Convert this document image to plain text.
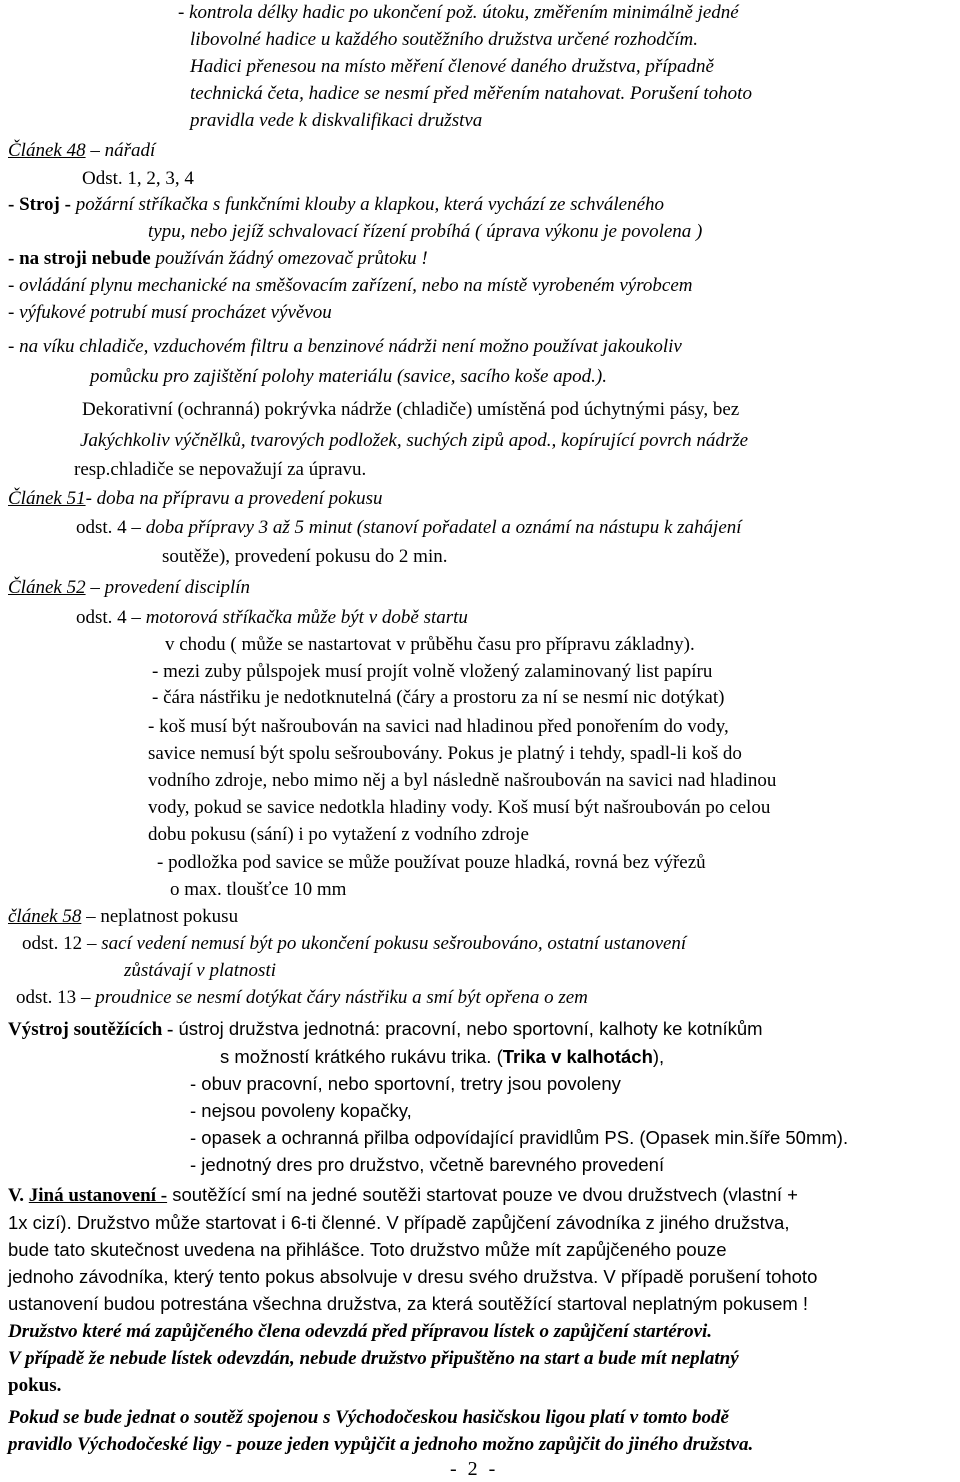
- kontrola délky hadic po ukončení pož. útoku, změřením minimálně jedné
libovolné hadice u každého soutěžního družstva určené rozhodčím.
Hadici přenesou na místo měření členové daného družstva, případně
technická četa, hadice se nesmí před měřením natahovat. Porušení tohoto
pravidla vede k diskvalifikaci družstva
Článek 48 – nářadí
Odst. 1, 2, 3, 4
- Stroj - požární stříkačka s funkčními klouby a klapkou, která vychází ze schváleného
typu, nebo jejíž schvalovací řízení probíhá ( úprava výkonu je povolena )
- na stroji nebude používán žádný omezovač průtoku !
- ovládání plynu mechanické na směšovacím zařízení, nebo na místě vyrobeném výrobcem
- výfukové potrubí musí procházet vývěvou
- na víku chladiče, vzduchovém filtru a benzinové nádrži není možno používat jakoukoliv
pomůcku pro zajištění polohy materiálu (savice, sacího koše apod.).
Dekorativní (ochranná) pokrývka nádrže (chladiče) umístěná pod úchytnými pásy, bez
Jakýchkoliv výčnělků, tvarových podložek, suchých zipů apod., kopírující povrch nádrže
resp.chladiče se nepovažují za úpravu.
Článek 51- doba na přípravu a provedení pokusu
odst. 4 – doba přípravy 3 až 5 minut (stanoví pořadatel a oznámí na nástupu k zahájení
soutěže), provedení pokusu do 2 min.
Článek 52 – provedení disciplín
odst. 4 – motorová stříkačka může být v době startu
v chodu ( může se nastartovat v průběhu času pro přípravu základny).
- mezi zuby půlspojek musí projít volně vložený zalaminovaný list papíru
- čára nástřiku je nedotknutelná (čáry a prostoru za ní se nesmí nic dotýkat)
- koš musí být našroubován na savici nad hladinou před ponořením do vody,
savice nemusí být spolu sešroubovány. Pokus je platný i tehdy, spadl-li koš do
vodního zdroje, nebo mimo něj a byl následně našroubován na savici nad hladinou
vody, pokud se savice nedotkla hladiny vody. Koš musí být našroubován po celou
dobu pokusu (sání) i po vytažení z vodního zdroje
- podložka pod savice se může používat pouze hladká, rovná bez výřezů
o max. tloušťce 10 mm
článek 58 – neplatnost pokusu
odst. 12 – sací vedení nemusí být po ukončení pokusu sešroubováno, ostatní ustanovení
zůstávají v platnosti
odst. 13 – proudnice se nesmí dotýkat čáry nástřiku a smí být opřena o zem
Výstroj soutěžících - ústroj družstva jednotná: pracovní, nebo sportovní, kalhoty ke kotníkům
s možností krátkého rukávu trika. (Trika v kalhotách),
- obuv pracovní, nebo sportovní, tretry jsou povoleny
- nejsou povoleny kopačky,
- opasek a ochranná přilba odpovídající pravidlům PS. (Opasek min.šíře 50mm).
- jednotný dres pro družstvo, včetně barevného provedení
V. Jiná ustanovení - soutěžící smí na jedné soutěži startovat pouze ve dvou družstvech (vlastní +
1x cizí). Družstvo může startovat i 6-ti členné. V případě zapůjčení závodníka z jiného družstva,
bude tato skutečnost uvedena na přihlášce. Toto družstvo může mít zapůjčeného pouze
jednoho závodníka, který tento pokus absolvuje v dresu svého družstva. V případě porušení tohoto
ustanovení budou potrestána všechna družstva, za která soutěžící startoval neplatným pokusem !
Družstvo které má zapůjčeného člena odevzdá před přípravou lístek o zapůjčení startérovi.
V případě že nebude lístek odevzdán, nebude družstvo připuštěno na start a bude mít neplatný
pokus.
Pokud se bude jednat o soutěž spojenou s Východočeskou hasičskou ligou platí v tomto bodě
pravidlo Východočeské ligy - pouze jeden vypůjčit a jednoho možno zapůjčit do jiného družstva.
- 2 -
